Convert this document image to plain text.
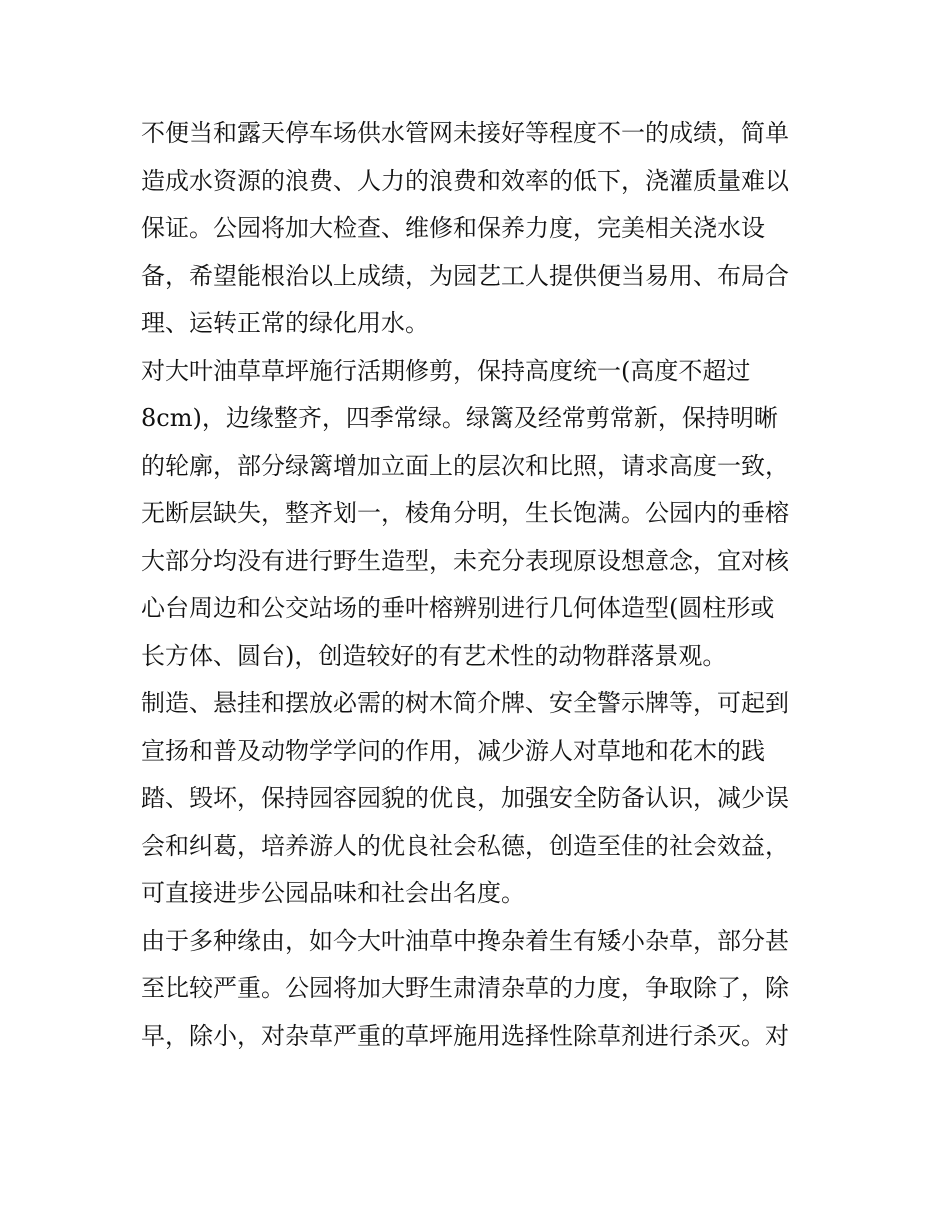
不便当和露天停车场供水管网未接好等程度不一的成绩，简单
造成水资源的浪费、人力的浪费和效率的低下，浇灌质量难以
保证。公园将加大检查、维修和保养力度，完美相关浇水设
备，希望能根治以上成绩，为园艺工人提供便当易用、布局合
理、运转正常的绿化用水。
对大叶油草草坪施行活期修剪，保持高度统一(高度不超过
8cm)，边缘整齐，四季常绿。绿篱及经常剪常新，保持明晰
的轮廓，部分绿篱增加立面上的层次和比照，请求高度一致，
无断层缺失，整齐划一，棱角分明，生长饱满。公园内的垂榕
大部分均没有进行野生造型，未充分表现原设想意念，宜对核
心台周边和公交站场的垂叶榕辨别进行几何体造型(圆柱形或
长方体、圆台)，创造较好的有艺术性的动物群落景观。
制造、悬挂和摆放必需的树木简介牌、安全警示牌等，可起到
宣扬和普及动物学学问的作用，减少游人对草地和花木的践
踏、毁坏，保持园容园貌的优良，加强安全防备认识，减少误
会和纠葛，培养游人的优良社会私德，创造至佳的社会效益，
可直接进步公园品味和社会出名度。
由于多种缘由，如今大叶油草中搀杂着生有矮小杂草，部分甚
至比较严重。公园将加大野生肃清杂草的力度，争取除了，除
早，除小，对杂草严重的草坪施用选择性除草剂进行杀灭。对
